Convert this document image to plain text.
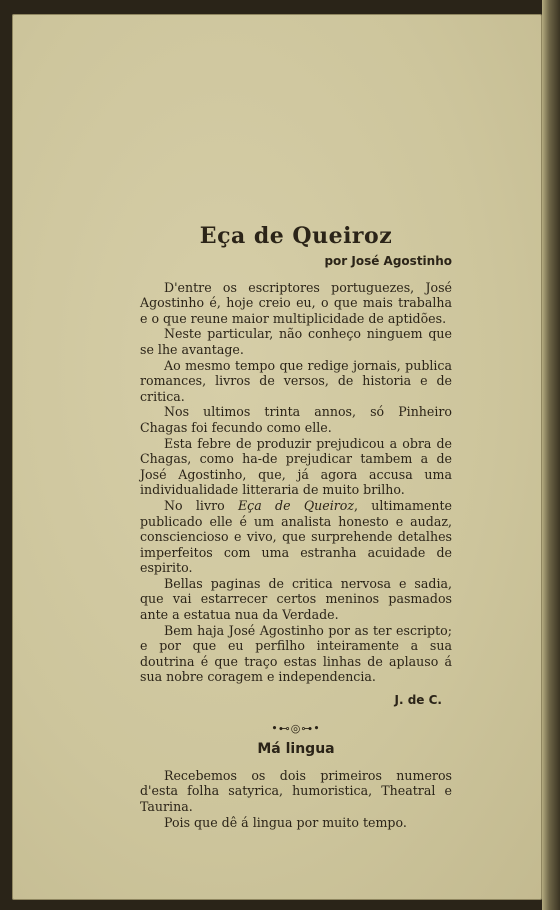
Eça de Queiroz
por José Agostinho

D'entre os escriptores portuguezes, José Agostinho é, hoje creio eu, o que mais trabalha e o que reune maior multiplicidade de aptidões.

Neste particular, não conheço ninguem que se lhe avantage.

Ao mesmo tempo que redige jornais, publica romances, livros de versos, de historia e de critica.

Nos ultimos trinta annos, só Pinheiro Chagas foi fecundo como elle.

Esta febre de produzir prejudicou a obra de Chagas, como ha-de prejudicar tambem a de José Agostinho, que, já agora accusa uma individualidade litteraria de muito brilho.

No livro Eça de Queiroz, ultimamente publicado elle é um analista honesto e audaz, consciencioso e vivo, que surprehende detalhes imperfeitos com uma estranha acuidade de espirito.

Bellas paginas de critica nervosa e sadia, que vai estarrecer certos meninos pasmados ante a estatua nua da Verdade.

Bem haja José Agostinho por as ter escripto; e por que eu perfilho inteiramente a sua doutrina é que traço estas linhas de aplauso á sua nobre coragem e independencia.

J. de C.
•⊷◎⊶•
Má lingua

Recebemos os dois primeiros numeros d'esta folha satyrica, humoristica, Theatral e Taurina.

Pois que dê á lingua por muito tempo.
